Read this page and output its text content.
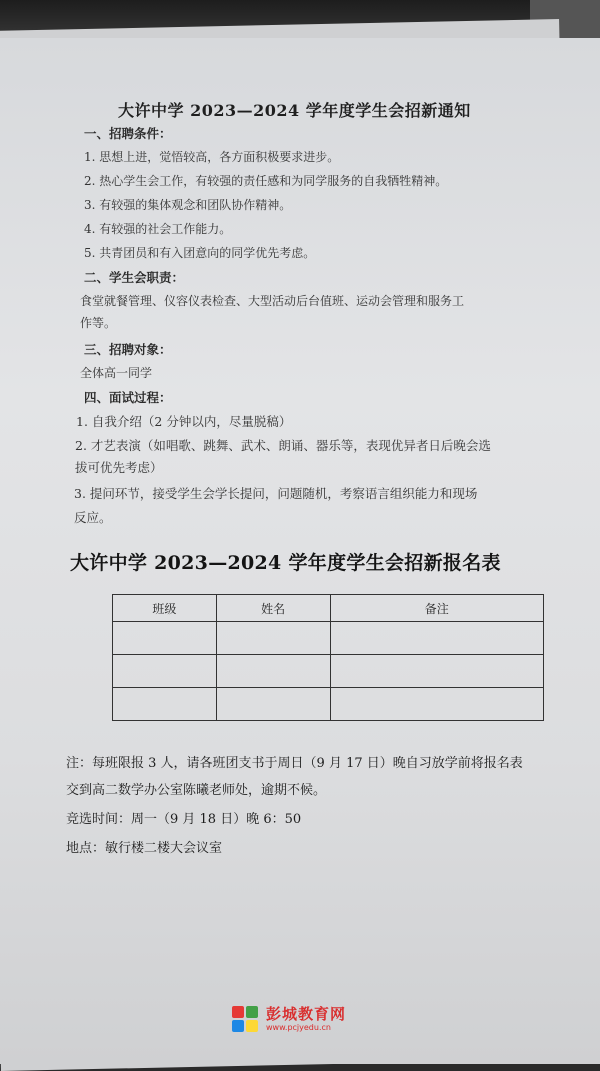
大许中学 2023—2024 学年度学生会招新通知
一、招聘条件：
1. 思想上进，觉悟较高，各方面积极要求进步。
2. 热心学生会工作，有较强的责任感和为同学服务的自我牺牲精神。
3. 有较强的集体观念和团队协作精神。
4. 有较强的社会工作能力。
5. 共青团员和有入团意向的同学优先考虑。
二、学生会职责：
食堂就餐管理、仪容仪表检查、大型活动后台值班、运动会管理和服务工
作等。
三、招聘对象：
全体高一同学
四、面试过程：
1. 自我介绍（2 分钟以内，尽量脱稿）
2. 才艺表演（如唱歌、跳舞、武术、朗诵、器乐等，表现优异者日后晚会选
拔可优先考虑）
3. 提问环节，接受学生会学长提问，问题随机，考察语言组织能力和现场
反应。
大许中学 2023—2024 学年度学生会招新报名表
班级	姓名	备注

注：每班限报 3 人，请各班团支书于周日（9 月 17 日）晚自习放学前将报名表
交到高二数学办公室陈曦老师处，逾期不候。
竞选时间：周一（9 月 18 日）晚 6：50
地点：敏行楼二楼大会议室
彭城教育网
www.pcjyedu.cn
